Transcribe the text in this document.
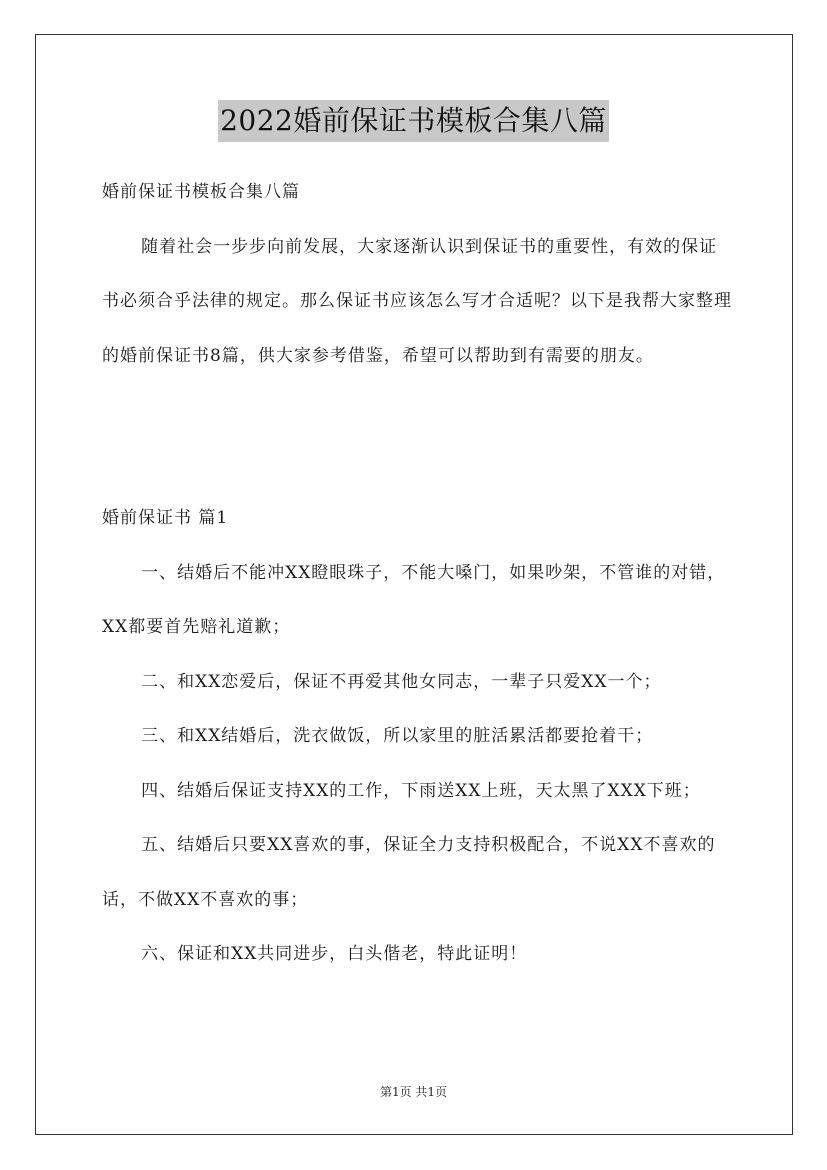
2022婚前保证书模板合集八篇

婚前保证书模板合集八篇

随着社会一步步向前发展，大家逐渐认识到保证书的重要性，有效的保证书必须合乎法律的规定。那么保证书应该怎么写才合适呢？以下是我帮大家整理的婚前保证书8篇，供大家参考借鉴，希望可以帮助到有需要的朋友。

婚前保证书 篇1

一、结婚后不能冲XX瞪眼珠子，不能大嗓门，如果吵架，不管谁的对错，XX都要首先赔礼道歉；

二、和XX恋爱后，保证不再爱其他女同志，一辈子只爱XX一个；

三、和XX结婚后，洗衣做饭，所以家里的脏活累活都要抢着干；

四、结婚后保证支持XX的工作，下雨送XX上班，天太黑了XXX下班；

五、结婚后只要XX喜欢的事，保证全力支持积极配合，不说XX不喜欢的话，不做XX不喜欢的事；

六、保证和XX共同进步，白头偕老，特此证明！

第1页 共1页
